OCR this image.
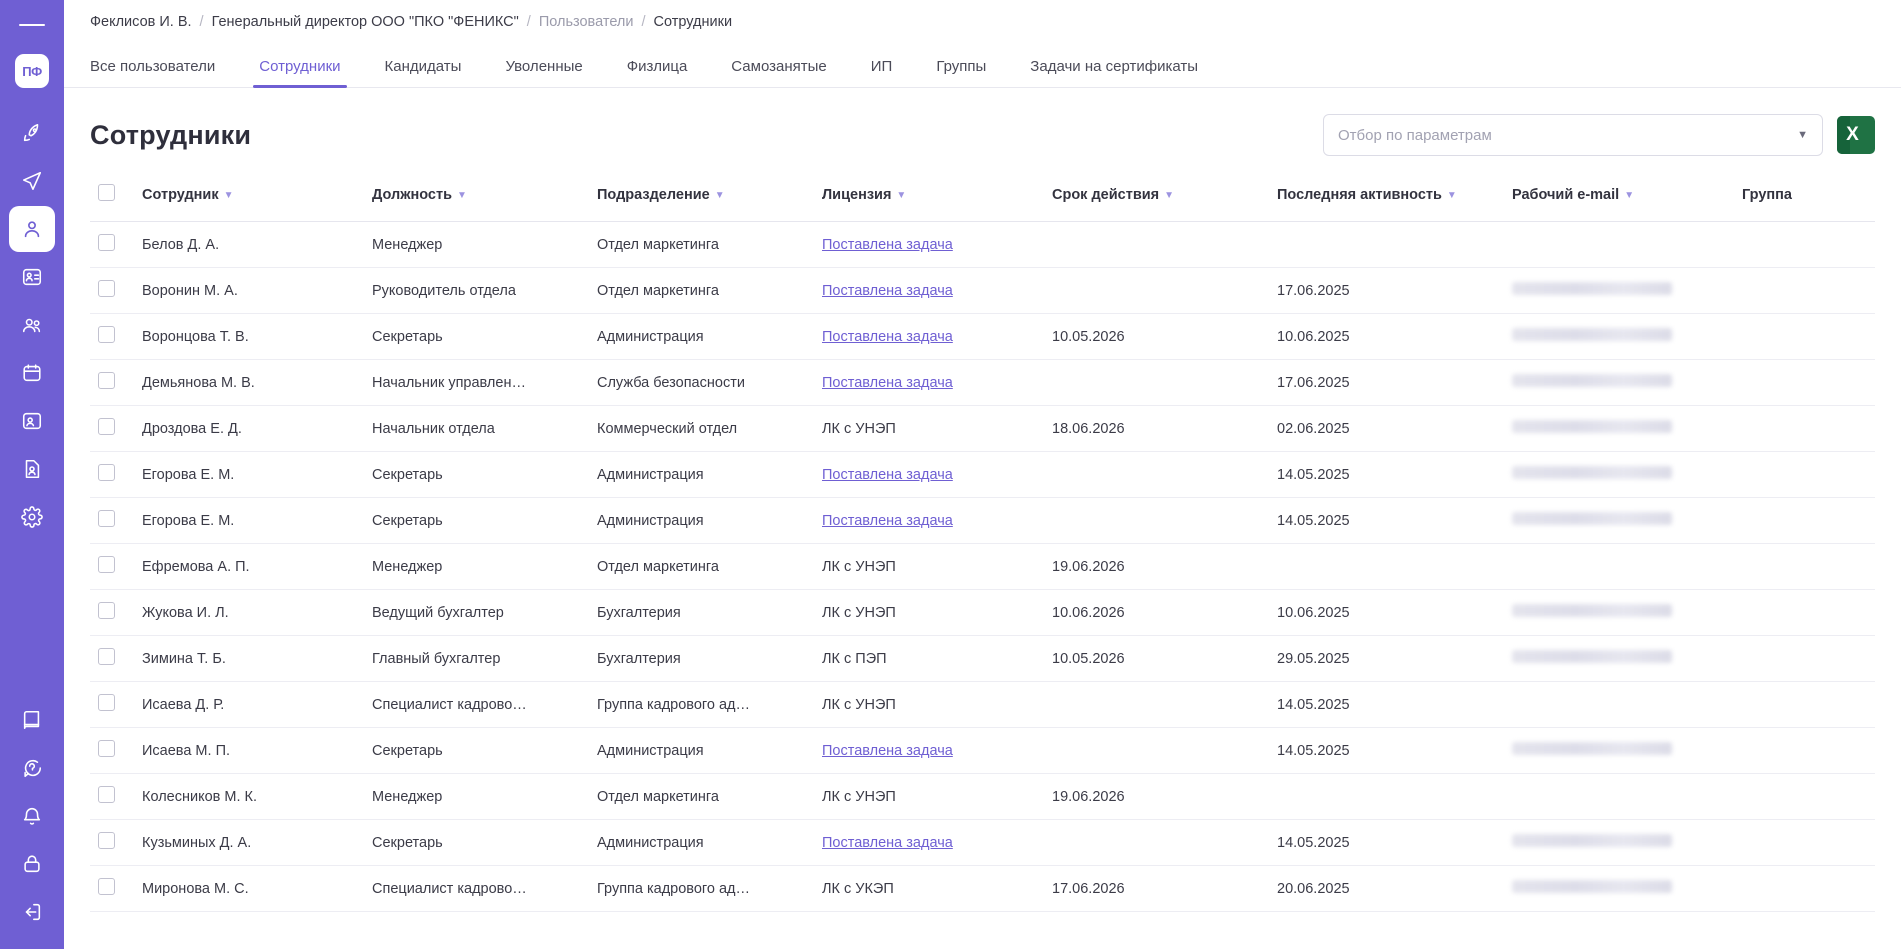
ПФ
Феклисов И. В. / Генеральный директор ООО "ПКО "ФЕНИКС" / Пользователи / Сотрудники
Все пользователи	Сотрудники	Кандидаты	Уволенные	Физлица	Самозанятые	ИП	Группы	Задачи на сертификаты
Сотрудники	Отбор по параметрам	▼ X
	Сотрудник ▼	Должность ▼	Подразделение ▼	Лицензия ▼	Срок действия ▼	Последняя активность ▼	Рабочий e-mail ▼	Группа
	Белов Д. А.	Менеджер	Отдел маркетинга	Поставлена задача				
	Воронин М. А.	Руководитель отдела	Отдел маркетинга	Поставлена задача		17.06.2025		
	Воронцова Т. В.	Секретарь	Администрация	Поставлена задача	10.05.2026	10.06.2025		
	Демьянова М. В.	Начальник управлен…	Служба безопасности	Поставлена задача		17.06.2025		
	Дроздова Е. Д.	Начальник отдела	Коммерческий отдел	ЛК с УНЭП	18.06.2026	02.06.2025		
	Егорова Е. М.	Секретарь	Администрация	Поставлена задача		14.05.2025		
	Егорова Е. М.	Секретарь	Администрация	Поставлена задача		14.05.2025		
	Ефремова А. П.	Менеджер	Отдел маркетинга	ЛК с УНЭП	19.06.2026			
	Жукова И. Л.	Ведущий бухгалтер	Бухгалтерия	ЛК с УНЭП	10.06.2026	10.06.2025		
	Зимина Т. Б.	Главный бухгалтер	Бухгалтерия	ЛК с ПЭП	10.05.2026	29.05.2025		
	Исаева Д. Р.	Специалист кадрово…	Группа кадрового ад…	ЛК с УНЭП		14.05.2025		
	Исаева М. П.	Секретарь	Администрация	Поставлена задача		14.05.2025		
	Колесников М. К.	Менеджер	Отдел маркетинга	ЛК с УНЭП	19.06.2026			
	Кузьминых Д. А.	Секретарь	Администрация	Поставлена задача		14.05.2025		
	Миронова М. С.	Специалист кадрово…	Группа кадрового ад…	ЛК с УКЭП	17.06.2026	20.06.2025		
